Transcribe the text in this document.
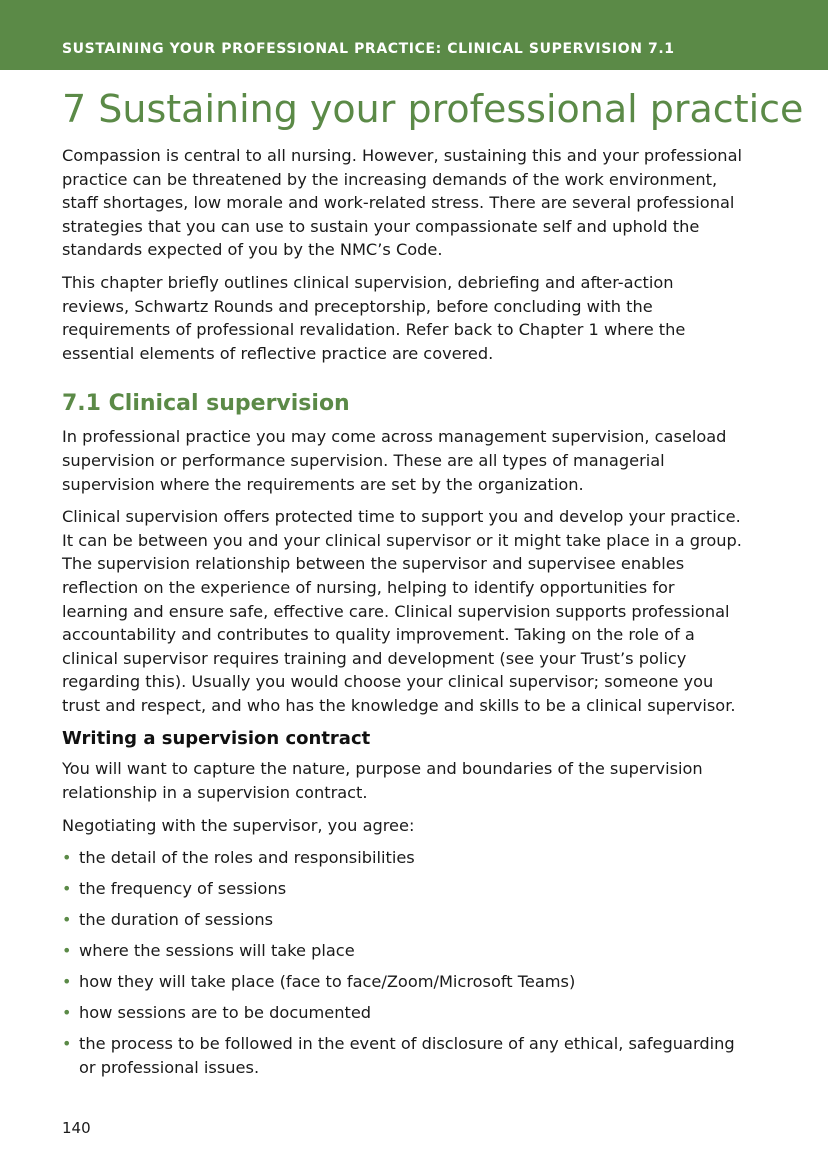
SUSTAINING YOUR PROFESSIONAL PRACTICE: CLINICAL SUPERVISION 7.1
7 Sustaining your professional practice

Compassion is central to all nursing. However, sustaining this and your professional practice can be threatened by the increasing demands of the work environment, staff shortages, low morale and work-related stress. There are several professional strategies that you can use to sustain your compassionate self and uphold the standards expected of you by the NMC’s Code.

This chapter briefly outlines clinical supervision, debriefing and after-action reviews, Schwartz Rounds and preceptorship, before concluding with the requirements of professional revalidation. Refer back to Chapter 1 where the essential elements of reflective practice are covered.

7.1 Clinical supervision

In professional practice you may come across management supervision, caseload supervision or performance supervision. These are all types of managerial supervision where the requirements are set by the organization.

Clinical supervision offers protected time to support you and develop your practice. It can be between you and your clinical supervisor or it might take place in a group. The supervision relationship between the supervisor and supervisee enables reflection on the experience of nursing, helping to identify opportunities for learning and ensure safe, effective care. Clinical supervision supports professional accountability and contributes to quality improvement. Taking on the role of a clinical supervisor requires training and development (see your Trust’s policy regarding this). Usually you would choose your clinical supervisor; someone you trust and respect, and who has the knowledge and skills to be a clinical supervisor.

Writing a supervision contract

You will want to capture the nature, purpose and boundaries of the supervision relationship in a supervision contract.

Negotiating with the supervisor, you agree:

• the detail of the roles and responsibilities
• the frequency of sessions
• the duration of sessions
• where the sessions will take place
• how they will take place (face to face/Zoom/Microsoft Teams)
• how sessions are to be documented
• the process to be followed in the event of disclosure of any ethical, safeguarding or professional issues.
140
